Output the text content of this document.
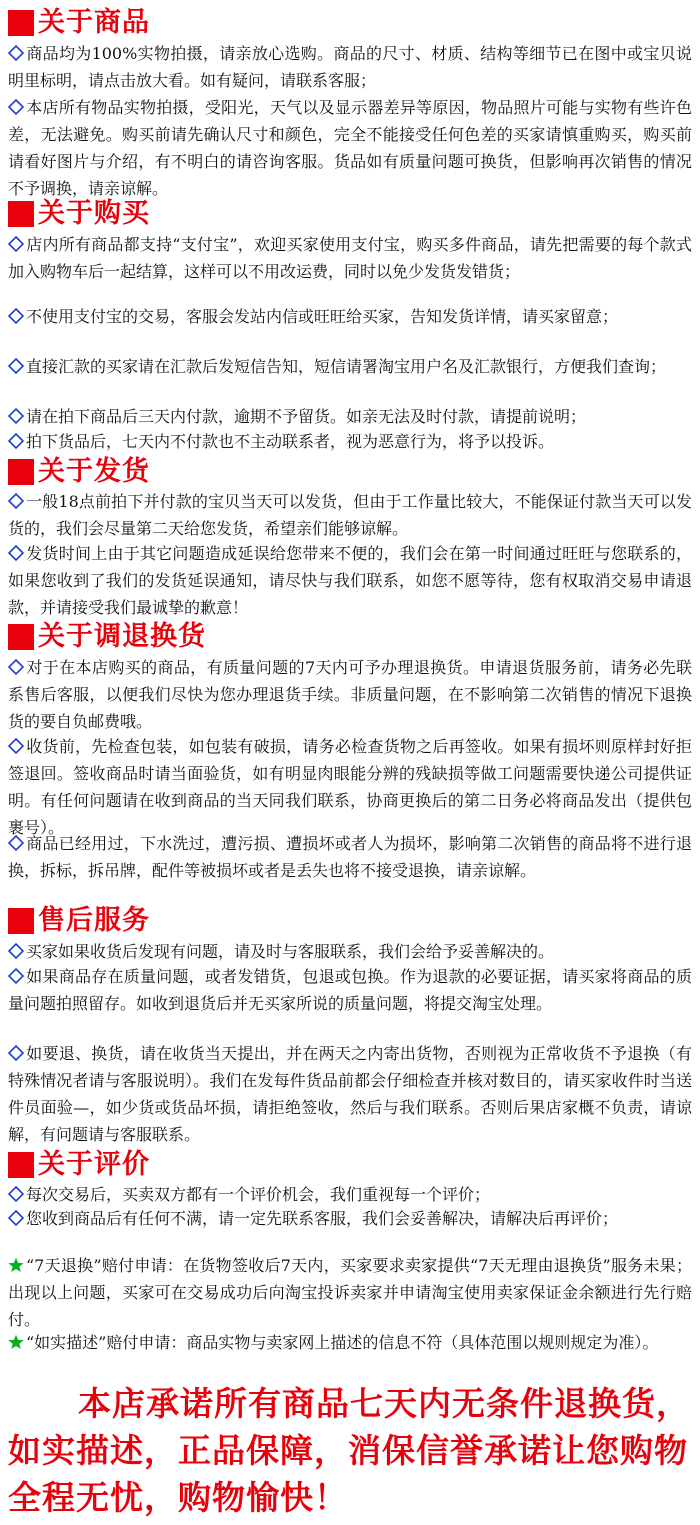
关于商品
商品均为100%实物拍摄，请亲放心选购。商品的尺寸、材质、结构等细节已在图中或宝贝说明里标明，请点击放大看。如有疑问，请联系客服；
本店所有物品实物拍摄，受阳光，天气以及显示器差异等原因，物品照片可能与实物有些许色差，无法避免。购买前请先确认尺寸和颜色，完全不能接受任何色差的买家请慎重购买，购买前请看好图片与介绍，有不明白的请咨询客服。货品如有质量问题可换货，但影响再次销售的情况不予调换，请亲谅解。
关于购买
店内所有商品都支持“支付宝”，欢迎买家使用支付宝，购买多件商品，请先把需要的每个款式加入购物车后一起结算，这样可以不用改运费，同时以免少发货发错货；
不使用支付宝的交易，客服会发站内信或旺旺给买家，告知发货详情，请买家留意；
直接汇款的买家请在汇款后发短信告知，短信请署淘宝用户名及汇款银行，方便我们查询；
请在拍下商品后三天内付款，逾期不予留货。如亲无法及时付款，请提前说明；
拍下货品后，七天内不付款也不主动联系者，视为恶意行为，将予以投诉。
关于发货
一般18点前拍下并付款的宝贝当天可以发货，但由于工作量比较大，不能保证付款当天可以发货的，我们会尽量第二天给您发货，希望亲们能够谅解。
发货时间上由于其它问题造成延误给您带来不便的，我们会在第一时间通过旺旺与您联系的，如果您收到了我们的发货延误通知，请尽快与我们联系，如您不愿等待，您有权取消交易申请退款，并请接受我们最诚挚的歉意！
关于调退换货
对于在本店购买的商品，有质量问题的7天内可予办理退换货。申请退货服务前，请务必先联系售后客服，以便我们尽快为您办理退货手续。非质量问题，在不影响第二次销售的情况下退换货的要自负邮费哦。
收货前，先检查包装，如包装有破损，请务必检查货物之后再签收。如果有损坏则原样封好拒签退回。签收商品时请当面验货，如有明显肉眼能分辨的残缺损等做工问题需要快递公司提供证明。有任何问题请在收到商品的当天同我们联系，协商更换后的第二日务必将商品发出（提供包裹号）。
商品已经用过，下水洗过，遭污损、遭损坏或者人为损坏，影响第二次销售的商品将不进行退换，拆标，拆吊牌，配件等被损坏或者是丢失也将不接受退换，请亲谅解。
售后服务
买家如果收货后发现有问题，请及时与客服联系，我们会给予妥善解决的。
如果商品存在质量问题，或者发错货，包退或包换。作为退款的必要证据，请买家将商品的质量问题拍照留存。如收到退货后并无买家所说的质量问题，将提交淘宝处理。
如要退、换货，请在收货当天提出，并在两天之内寄出货物，否则视为正常收货不予退换（有特殊情况者请与客服说明）。我们在发每件货品前都会仔细检查并核对数目的，请买家收件时当送件员面验—，如少货或货品坏损，请拒绝签收，然后与我们联系。否则后果店家概不负责，请谅解，有问题请与客服联系。
关于评价
每次交易后，买卖双方都有一个评价机会，我们重视每一个评价；
您收到商品后有任何不满，请一定先联系客服，我们会妥善解决，请解决后再评价；
“7天退换”赔付申请：在货物签收后7天内，买家要求卖家提供“7天无理由退换货”服务未果；出现以上问题，买家可在交易成功后向淘宝投诉卖家并申请淘宝使用卖家保证金余额进行先行赔付。
“如实描述”赔付申请：商品实物与卖家网上描述的信息不符（具体范围以规则规定为准）。
本店承诺所有商品七天内无条件退换货，如实描述，正品保障，消保信誉承诺让您购物全程无忧，购物愉快！
